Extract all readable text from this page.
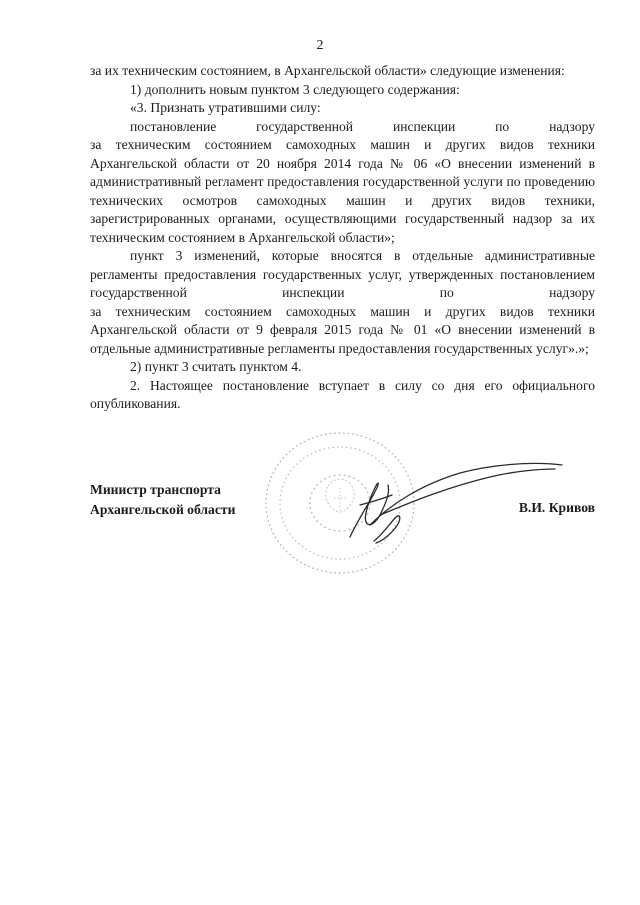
2

за их техническим состоянием, в Архангельской области» следующие изменения:

1) дополнить новым пунктом 3 следующего содержания:

«3. Признать утратившими силу:

постановление государственной инспекции по надзору

за техническим состоянием самоходных машин и других видов техники Архангельской области от 20 ноября 2014 года № 06 «О внесении изменений в административный регламент предоставления государственной услуги по проведению технических осмотров самоходных машин и других видов техники, зарегистрированных органами, осуществляющими государственный надзор за их техническим состоянием в Архангельской области»;

пункт 3 изменений, которые вносятся в отдельные административные регламенты предоставления государственных услуг, утвержденных постановлением государственной инспекции по надзору

за техническим состоянием самоходных машин и других видов техники Архангельской области от 9 февраля 2015 года № 01 «О внесении изменений в отдельные административные регламенты предоставления государственных услуг».»;

2) пункт 3 считать пунктом 4.

2. Настоящее постановление вступает в силу со дня его официального опубликования.

Министр транспорта
Архангельской области	В.И. Кривов
